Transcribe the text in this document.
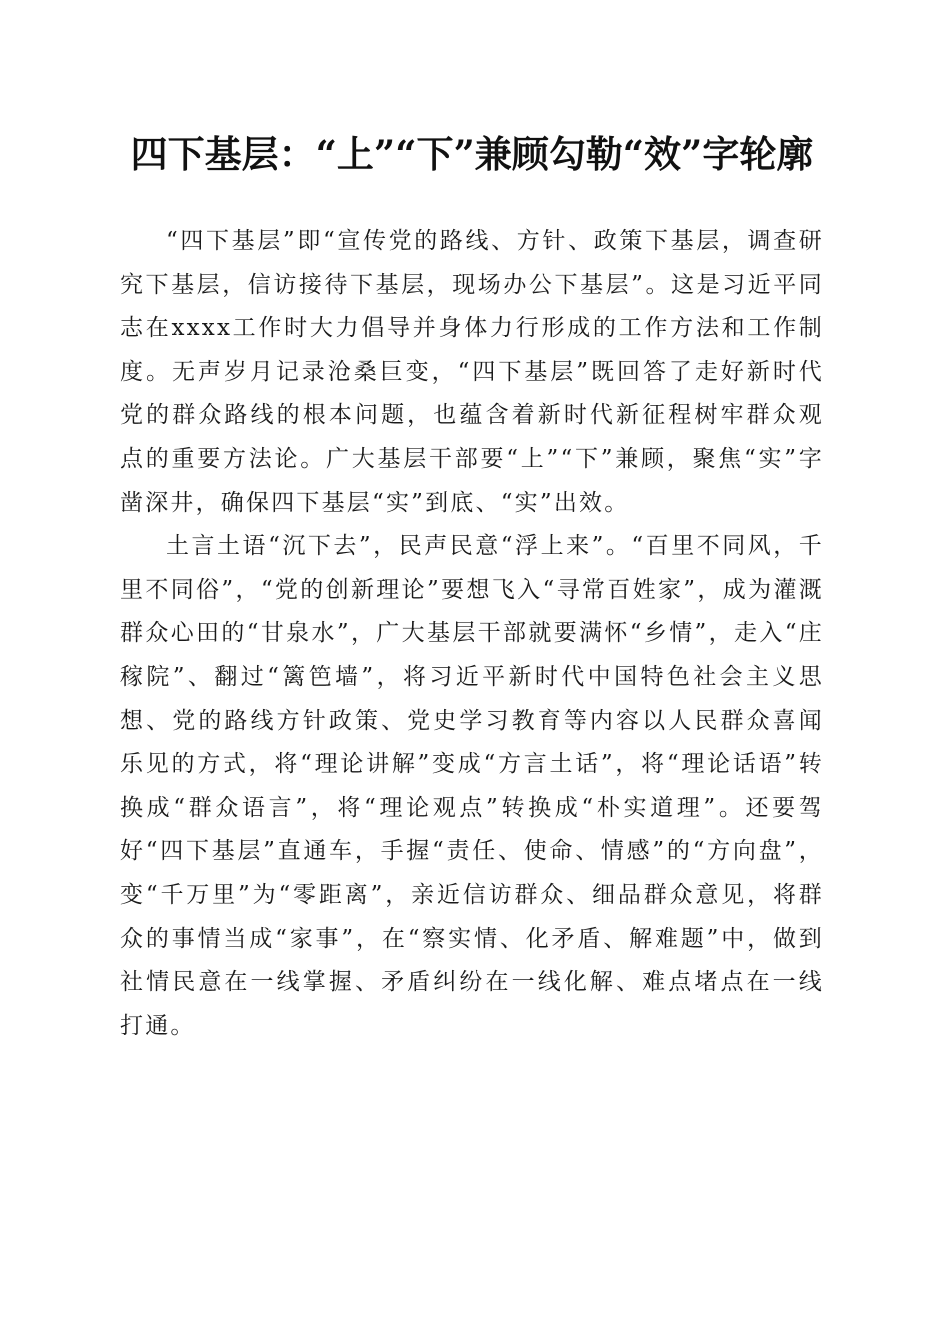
四下基层：“上”“下”兼顾勾勒“效”字轮廓

“四下基层”即“宣传党的路线、方针、政策下基层，调查研究下基层，信访接待下基层，现场办公下基层”。这是习近平同志在xxxx工作时大力倡导并身体力行形成的工作方法和工作制度。无声岁月记录沧桑巨变，“四下基层”既回答了走好新时代党的群众路线的根本问题，也蕴含着新时代新征程树牢群众观点的重要方法论。广大基层干部要“上”“下”兼顾，聚焦“实”字凿深井，确保四下基层“实”到底、“实”出效。

土言土语“沉下去”，民声民意“浮上来”。“百里不同风，千里不同俗”，“党的创新理论”要想飞入“寻常百姓家”，成为灌溉群众心田的“甘泉水”，广大基层干部就要满怀“乡情”，走入“庄稼院”、翻过“篱笆墙”，将习近平新时代中国特色社会主义思想、党的路线方针政策、党史学习教育等内容以人民群众喜闻乐见的方式，将“理论讲解”变成“方言土话”，将“理论话语”转换成“群众语言”，将“理论观点”转换成“朴实道理”。还要驾好“四下基层”直通车，手握“责任、使命、情感”的“方向盘”，变“千万里”为“零距离”，亲近信访群众、细品群众意见，将群众的事情当成“家事”，在“察实情、化矛盾、解难题”中，做到社情民意在一线掌握、矛盾纠纷在一线化解、难点堵点在一线打通。
